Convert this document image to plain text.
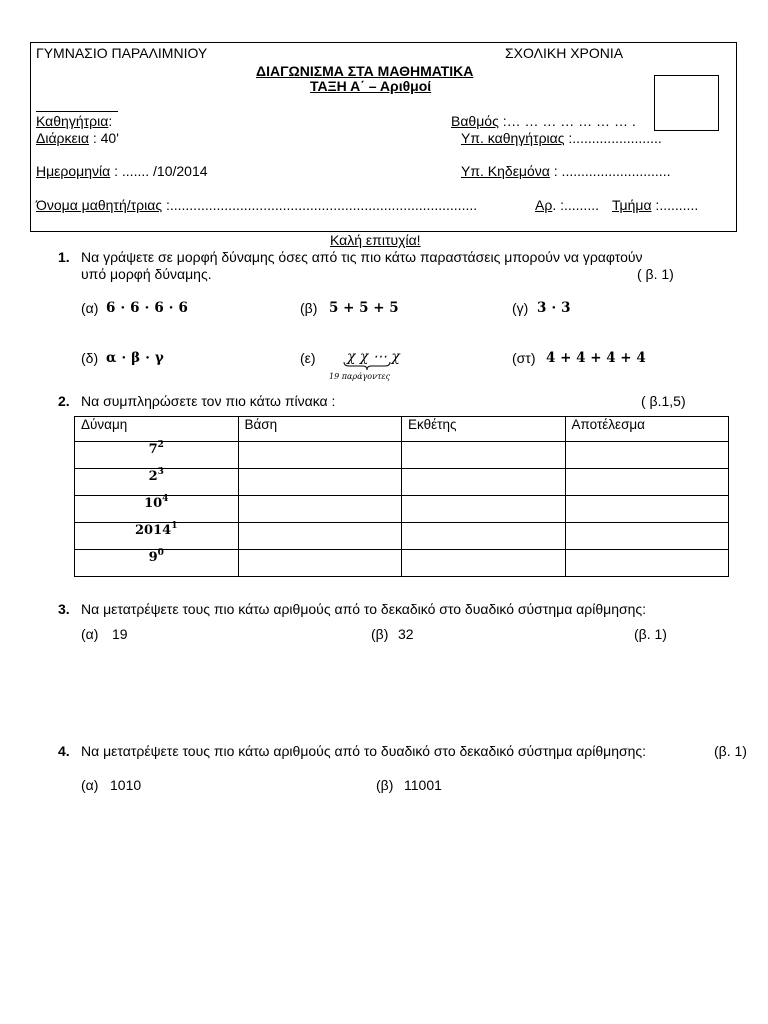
ΓΥΜΝΑΣΙΟ ΠΑΡΑΛΙΜΝΙΟΥ	ΣΧΟΛΙΚΗ ΧΡΟΝΙΑ
ΔΙΑΓΩΝΙΣΜΑ ΣΤΑ ΜΑΘΗΜΑΤΙΚΑ
ΤΑΞΗ Α΄ – Αριθμοί
Καθηγήτρια:	Βαθμός :… … … … … … … .
Διάρκεια : 40'	Υπ. καθηγήτριας :.......................
Ημερομηνία : ....... /10/2014	Υπ. Κηδεμόνα : ............................
Όνομα μαθητή/τριας :...............................................................................	Αρ. :......... Τμήμα :..........
Καλή επιτυχία!
1. Να γράψετε σε μορφή δύναμης όσες από τις πιο κάτω παραστάσεις μπορούν να γραφτούν
υπό μορφή δύναμης.	( β. 1)
(α) 6 ⋅ 6 ⋅ 6 ⋅ 6	(β) 5 + 5 + 5	(γ) 3 ⋅ 3
(δ) α ⋅ β ⋅ γ	(ε) χ χ ⋯ χ
19 παράγοντες
(στ) 4 + 4 + 4 + 4
2. Να συμπληρώσετε τον πιο κάτω πίνακα :	( β.1,5)
Δύναμη	Βάση	Εκθέτης	Αποτέλεσμα
$7^2$			
$2^3$			
$10^4$			
2014$^1$			
$9^0$			
3. Να μετατρέψετε τους πιο κάτω αριθμούς από το δεκαδικό στο δυαδικό σύστημα αρίθμησης:
(α) 19	(β) 32	(β. 1)
4. Να μετατρέψετε τους πιο κάτω αριθμούς από το δυαδικό στο δεκαδικό σύστημα αρίθμησης:	(β. 1)
(α) 1010	(β) 11001
